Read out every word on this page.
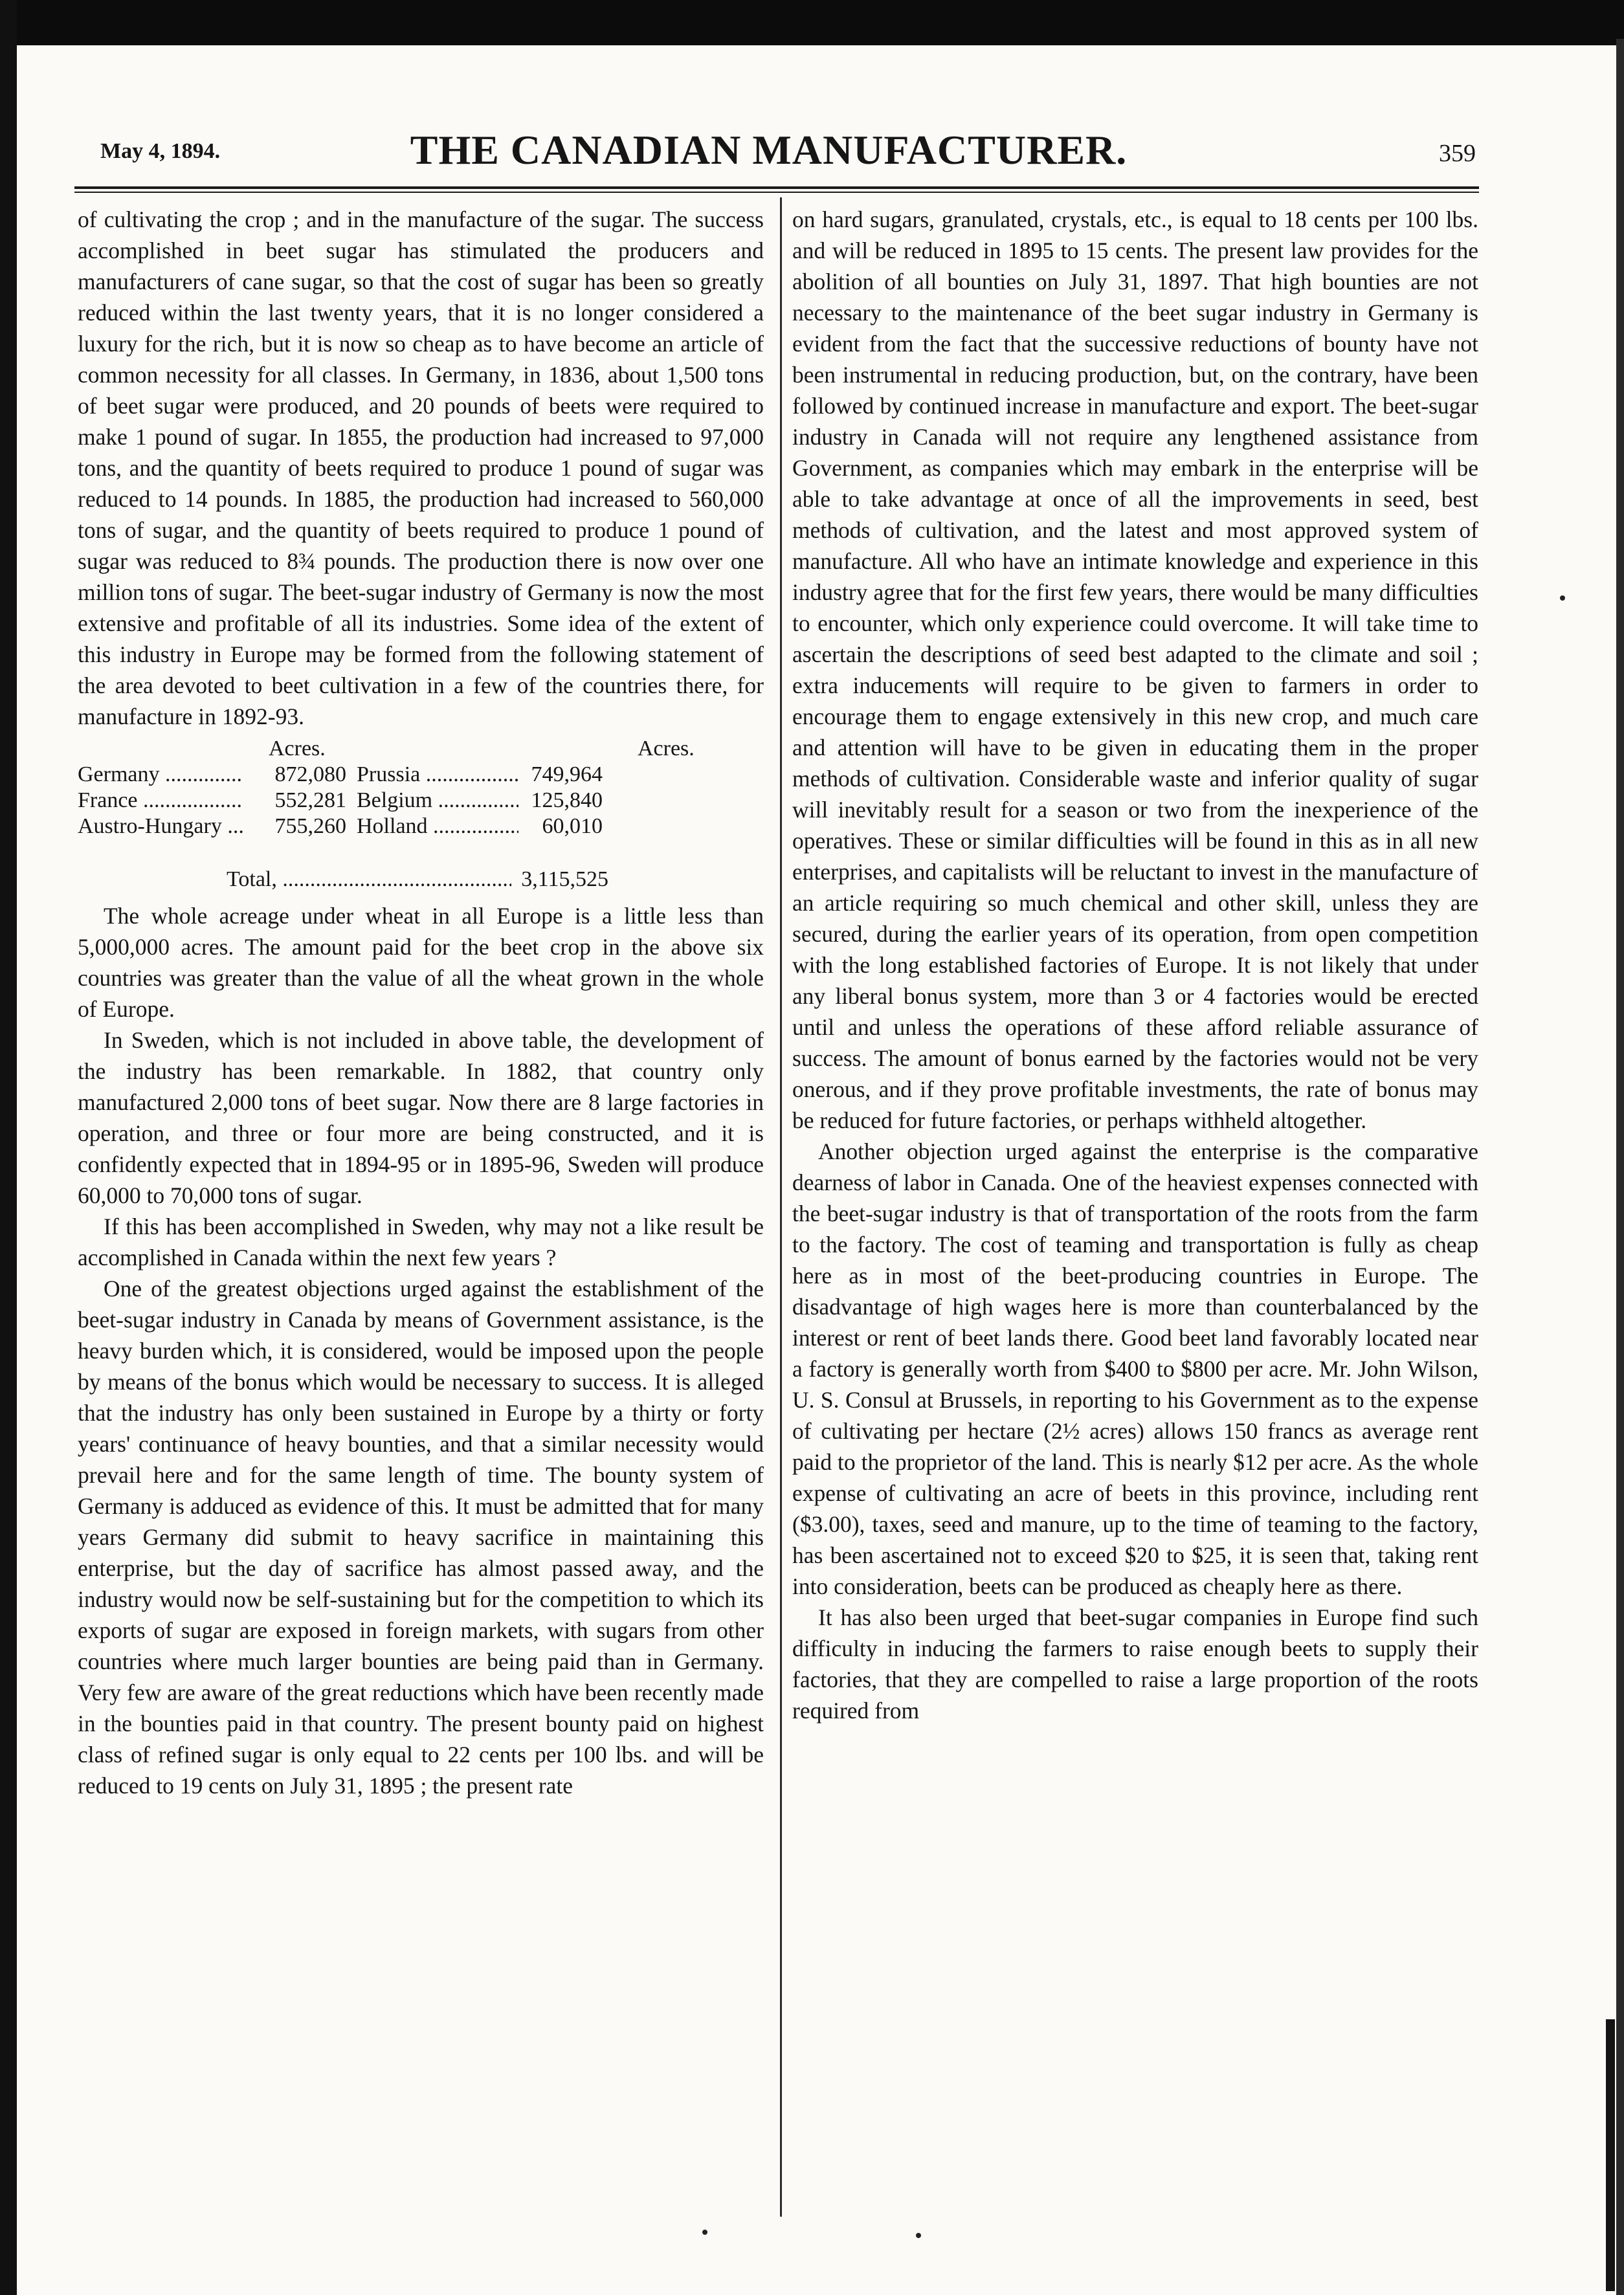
May 4, 1894.	THE CANADIAN MANUFACTURER.	359

of cultivating the crop ; and in the manufacture of the sugar. The success accomplished in beet sugar has stimulated the producers and manufacturers of cane sugar, so that the cost of sugar has been so greatly reduced within the last twenty years, that it is no longer considered a luxury for the rich, but it is now so cheap as to have become an article of common necessity for all classes. In Germany, in 1836, about 1,500 tons of beet sugar were produced, and 20 pounds of beets were required to make 1 pound of sugar. In 1855, the production had increased to 97,000 tons, and the quantity of beets required to produce 1 pound of sugar was reduced to 14 pounds. In 1885, the production had increased to 560,000 tons of sugar, and the quantity of beets required to produce 1 pound of sugar was reduced to 8¾ pounds. The production there is now over one million tons of sugar. The beet-sugar industry of Germany is now the most extensive and profitable of all its industries. Some idea of the extent of this industry in Europe may be formed from the following statement of the area devoted to beet cultivation in a few of the countries there, for manufacture in 1892-93.

Acres.	Acres.
Germany .....	872,080 Prussia .....	749,964
France .....	552,281 Belgium .....	125,840
Austro-Hungary .....	755,260 Holland .....	60,010
Total, .....	3,115,525

The whole acreage under wheat in all Europe is a little less than 5,000,000 acres. The amount paid for the beet crop in the above six countries was greater than the value of all the wheat grown in the whole of Europe.

In Sweden, which is not included in above table, the development of the industry has been remarkable. In 1882, that country only manufactured 2,000 tons of beet sugar. Now there are 8 large factories in operation, and three or four more are being constructed, and it is confidently expected that in 1894-95 or in 1895-96, Sweden will produce 60,000 to 70,000 tons of sugar.

If this has been accomplished in Sweden, why may not a like result be accomplished in Canada within the next few years ?

One of the greatest objections urged against the establishment of the beet-sugar industry in Canada by means of Government assistance, is the heavy burden which, it is considered, would be imposed upon the people by means of the bonus which would be necessary to success. It is alleged that the industry has only been sustained in Europe by a thirty or forty years' continuance of heavy bounties, and that a similar necessity would prevail here and for the same length of time. The bounty system of Germany is adduced as evidence of this. It must be admitted that for many years Germany did submit to heavy sacrifice in maintaining this enterprise, but the day of sacrifice has almost passed away, and the industry would now be self-sustaining but for the competition to which its exports of sugar are exposed in foreign markets, with sugars from other countries where much larger bounties are being paid than in Germany. Very few are aware of the great reductions which have been recently made in the bounties paid in that country. The present bounty paid on highest class of refined sugar is only equal to 22 cents per 100 lbs. and will be reduced to 19 cents on July 31, 1895 ; the present rate

on hard sugars, granulated, crystals, etc., is equal to 18 cents per 100 lbs. and will be reduced in 1895 to 15 cents. The present law provides for the abolition of all bounties on July 31, 1897. That high bounties are not necessary to the maintenance of the beet sugar industry in Germany is evident from the fact that the successive reductions of bounty have not been instrumental in reducing production, but, on the contrary, have been followed by continued increase in manufacture and export. The beet-sugar industry in Canada will not require any lengthened assistance from Government, as companies which may embark in the enterprise will be able to take advantage at once of all the improvements in seed, best methods of cultivation, and the latest and most approved system of manufacture. All who have an intimate knowledge and experience in this industry agree that for the first few years, there would be many difficulties to encounter, which only experience could overcome. It will take time to ascertain the descriptions of seed best adapted to the climate and soil ; extra inducements will require to be given to farmers in order to encourage them to engage extensively in this new crop, and much care and attention will have to be given in educating them in the proper methods of cultivation. Considerable waste and inferior quality of sugar will inevitably result for a season or two from the inexperience of the operatives. These or similar difficulties will be found in this as in all new enterprises, and capitalists will be reluctant to invest in the manufacture of an article requiring so much chemical and other skill, unless they are secured, during the earlier years of its operation, from open competition with the long established factories of Europe. It is not likely that under any liberal bonus system, more than 3 or 4 factories would be erected until and unless the operations of these afford reliable assurance of success. The amount of bonus earned by the factories would not be very onerous, and if they prove profitable investments, the rate of bonus may be reduced for future factories, or perhaps withheld altogether.

Another objection urged against the enterprise is the comparative dearness of labor in Canada. One of the heaviest expenses connected with the beet-sugar industry is that of transportation of the roots from the farm to the factory. The cost of teaming and transportation is fully as cheap here as in most of the beet-producing countries in Europe. The disadvantage of high wages here is more than counterbalanced by the interest or rent of beet lands there. Good beet land favorably located near a factory is generally worth from $400 to $800 per acre. Mr. John Wilson, U. S. Consul at Brussels, in reporting to his Government as to the expense of cultivating per hectare (2½ acres) allows 150 francs as average rent paid to the proprietor of the land. This is nearly $12 per acre. As the whole expense of cultivating an acre of beets in this province, including rent ($3.00), taxes, seed and manure, up to the time of teaming to the factory, has been ascertained not to exceed $20 to $25, it is seen that, taking rent into consideration, beets can be produced as cheaply here as there.

It has also been urged that beet-sugar companies in Europe find such difficulty in inducing the farmers to raise enough beets to supply their factories, that they are compelled to raise a large proportion of the roots required from
